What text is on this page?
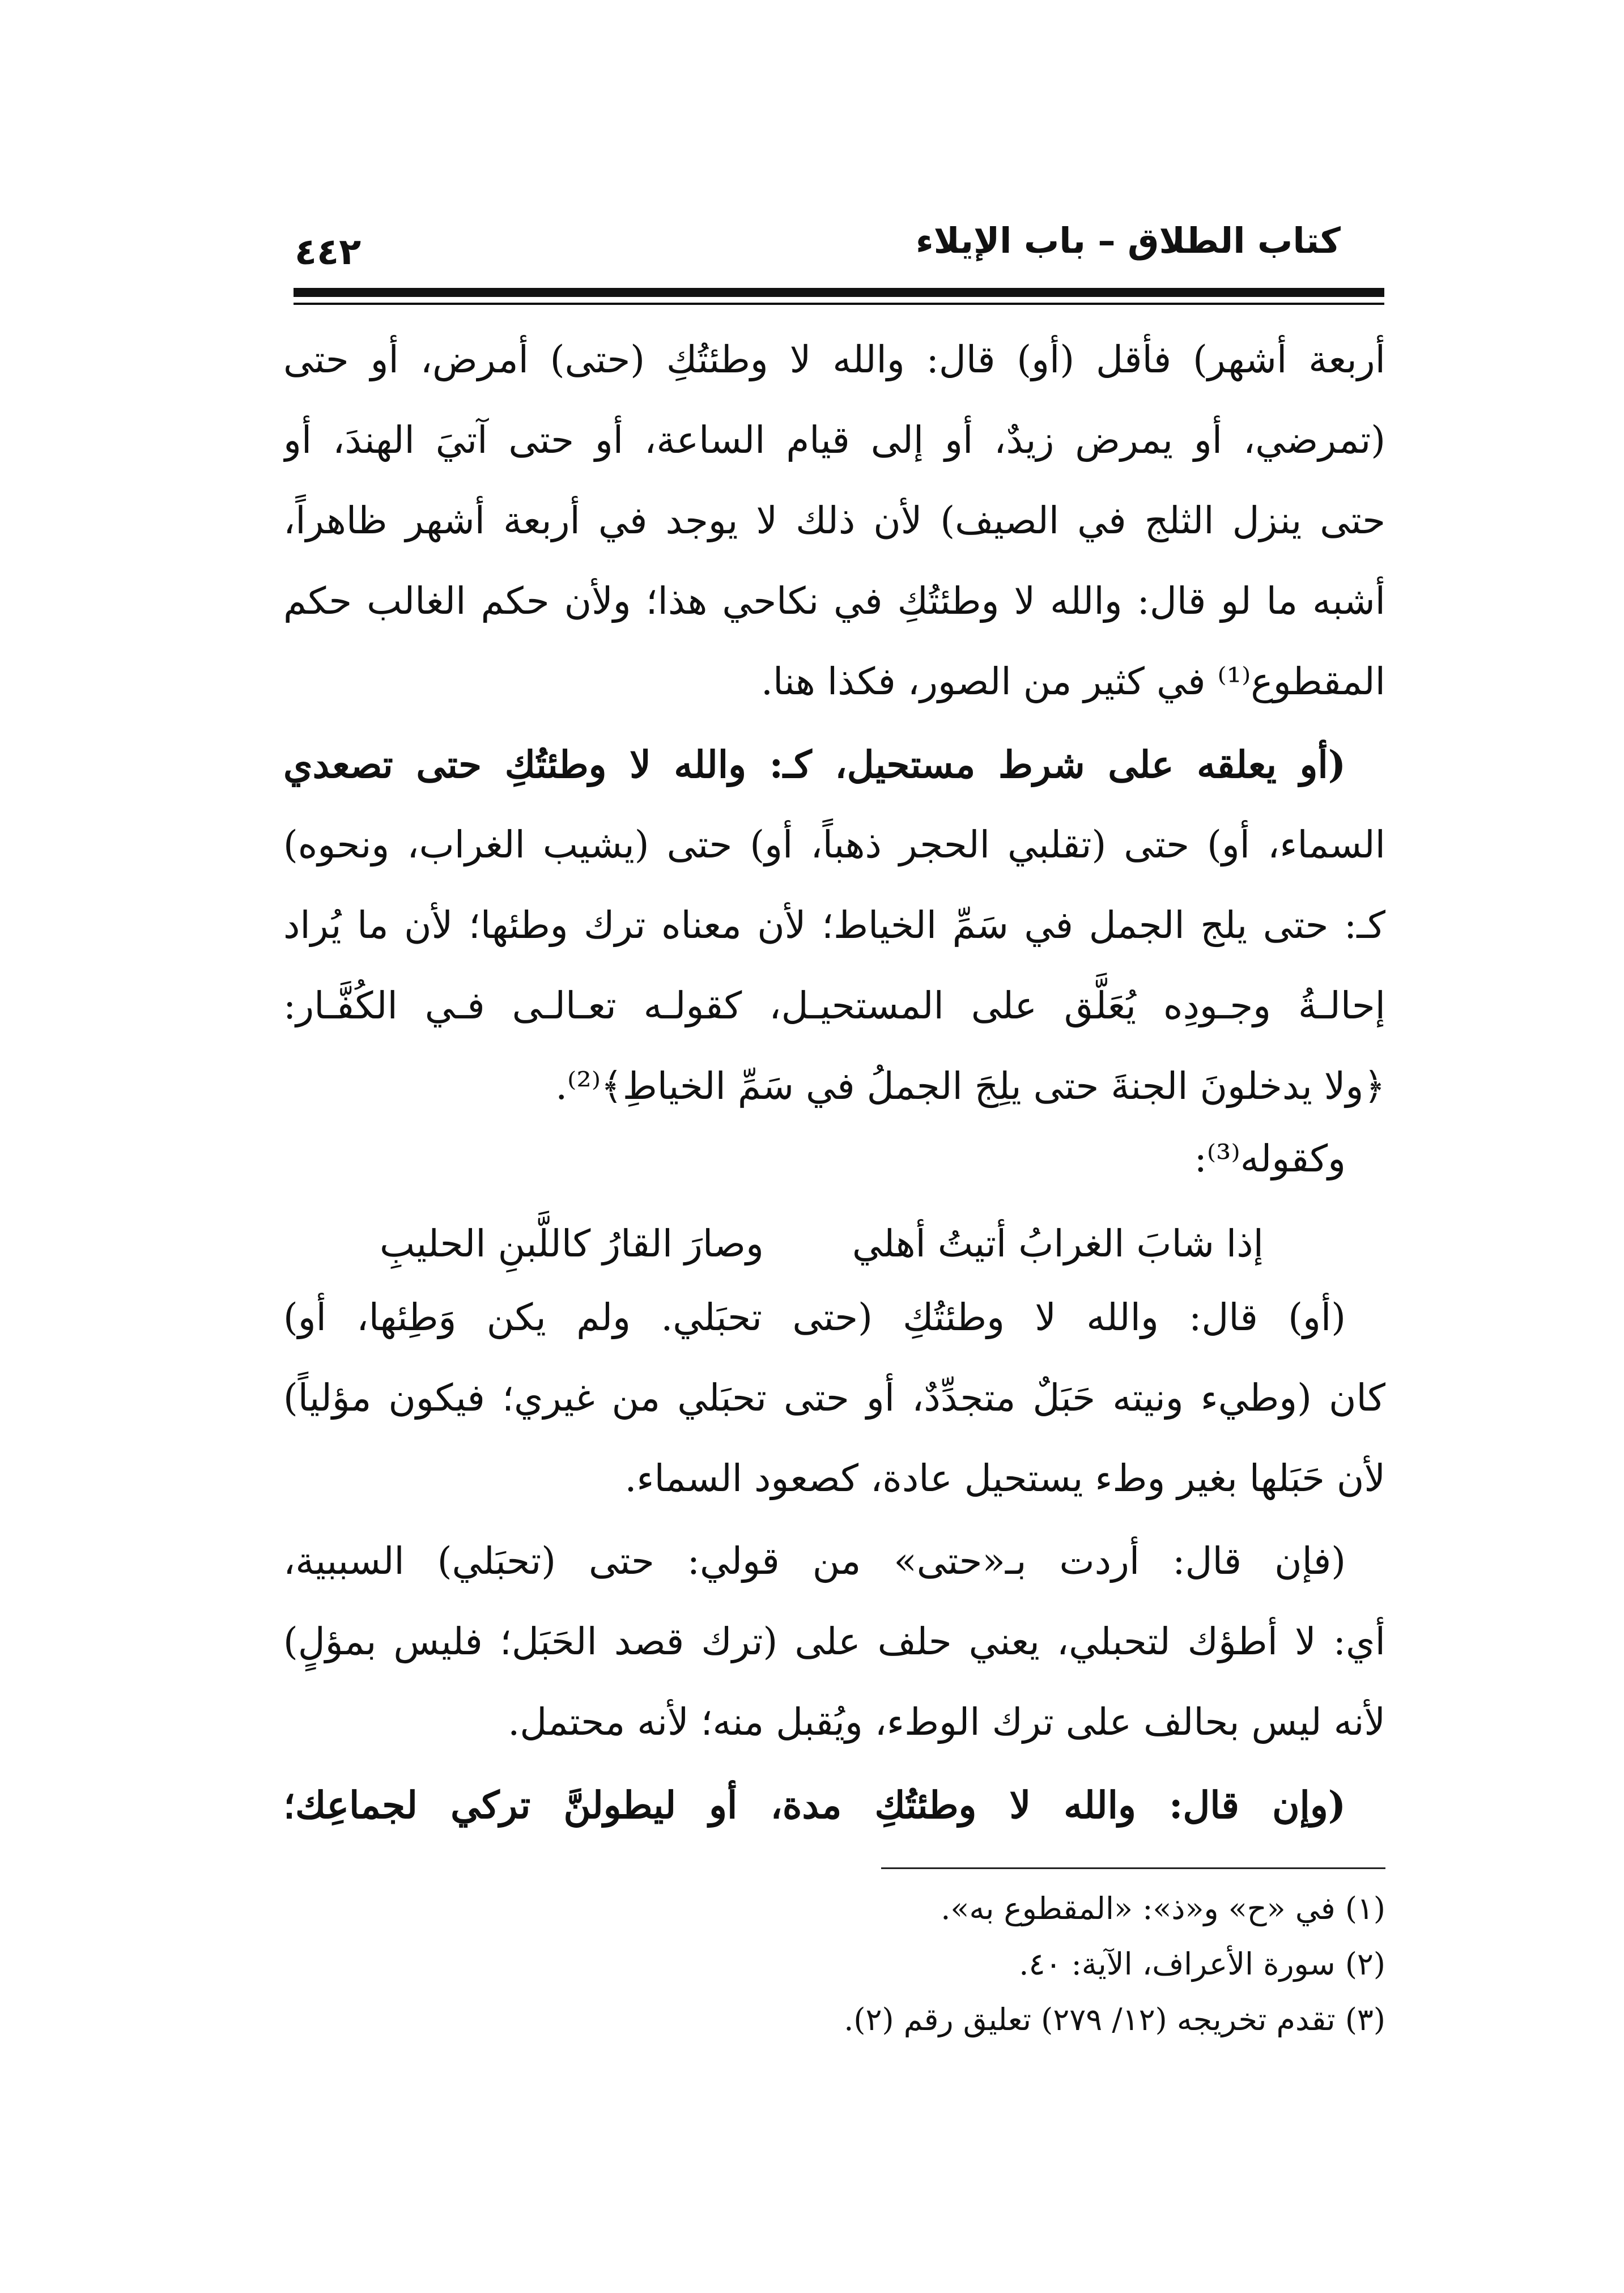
٤٤٢	كتاب الطلاق – باب الإيلاء
أربعة أشهر) فأقل (أو) قال: والله لا وطئتُكِ (حتى) أمرض، أو حتى
(تمرضي، أو يمرض زيدٌ، أو إلى قيام الساعة، أو حتى آتيَ الهندَ، أو
حتى ينزل الثلج في الصيف) لأن ذلك لا يوجد في أربعة أشهر ظاهراً،
أشبه ما لو قال: والله لا وطئتُكِ في نكاحي هذا؛ ولأن حكم الغالب حكم
المقطوع⁽¹⁾ في كثير من الصور، فكذا هنا.
(أو يعلقه على شرط مستحيل، كـ: والله لا وطئتُكِ حتى تصعدي
السماء، أو) حتى (تقلبي الحجر ذهباً، أو) حتى (يشيب الغراب، ونحوه)
كـ: حتى يلج الجمل في سَمِّ الخياط؛ لأن معناه ترك وطئها؛ لأن ما يُراد
إحالـةُ وجـودِه يُعَلَّق على المستحيـل، كقولـه تعـالـى فـي الكُفَّـار:
﴿ولا يدخلونَ الجنةَ حتى يلِجَ الجملُ في سَمِّ الخياطِ﴾⁽²⁾.
وكقوله⁽³⁾:
إذا شابَ الغرابُ أتيتُ أهلي
وصارَ القارُ كاللَّبنِ الحليبِ
(أو) قال: والله لا وطئتُكِ (حتى تحبَلي. ولم يكن وَطِئها، أو)
كان (وطيء ونيته حَبَلٌ متجدِّدٌ، أو حتى تحبَلي من غيري؛ فيكون مؤلياً)
لأن حَبَلها بغير وطء يستحيل عادة، كصعود السماء.
(فإن قال: أردت بـ«حتى» من قولي: حتى (تحبَلي) السببية،
أي: لا أطؤك لتحبلي، يعني حلف على (ترك قصد الحَبَل؛ فليس بمؤلٍ)
لأنه ليس بحالف على ترك الوطء، ويُقبل منه؛ لأنه محتمل.
(وإن قال: والله لا وطئتُكِ مدة، أو ليطولنَّ تركي لجماعِك؛
(١) في «ح» و«ذ»: «المقطوع به».
(٢) سورة الأعراف، الآية: ٤٠.
(٣) تقدم تخريجه (١٢/ ٢٧٩) تعليق رقم (٢).
